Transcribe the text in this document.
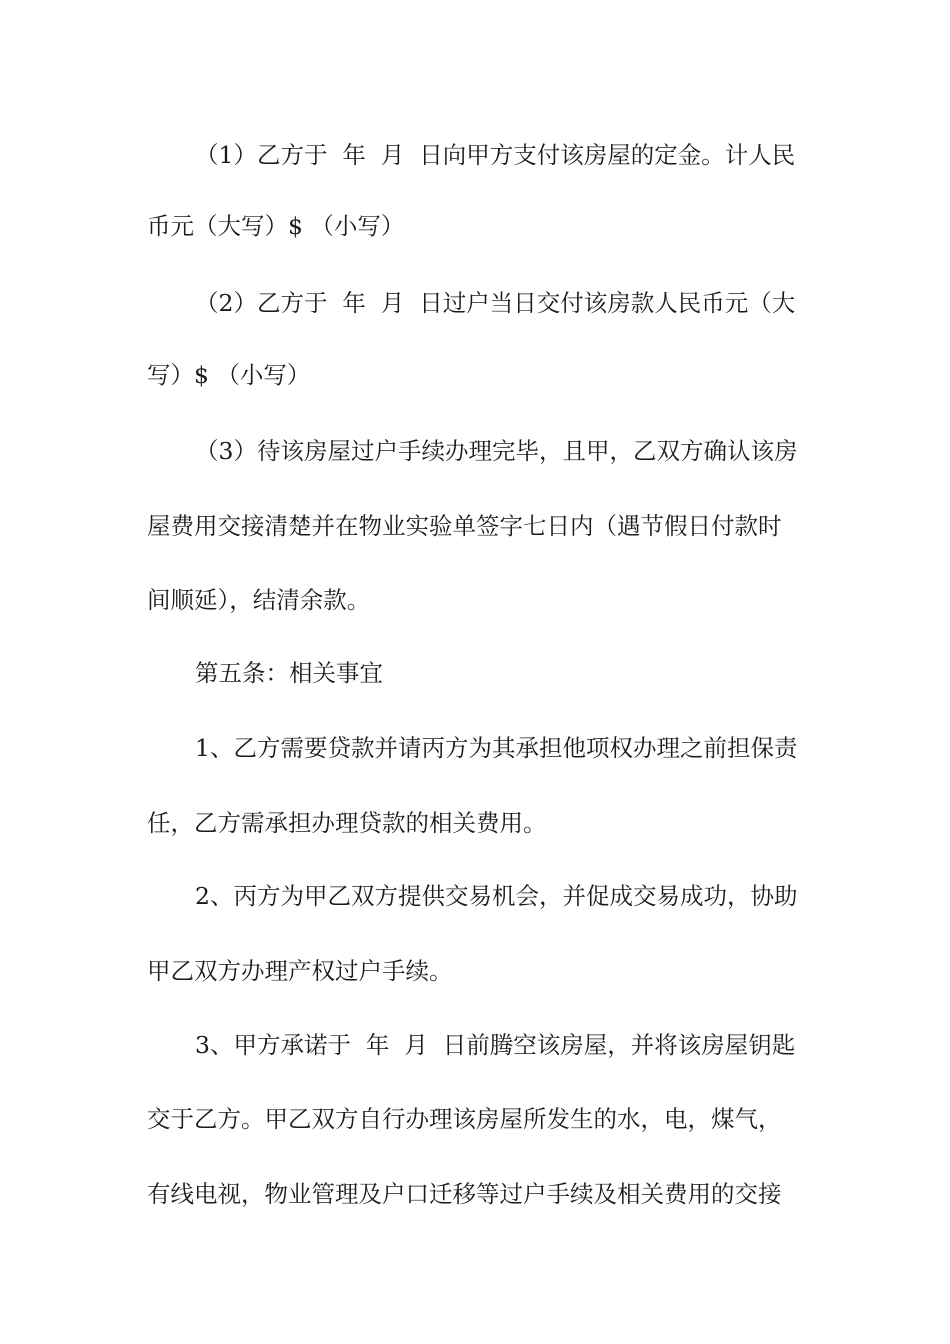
（1）乙方于  年  月  日向甲方支付该房屋的定金。计人民
币元（大写）$ （小写）
（2）乙方于  年  月  日过户当日交付该房款人民币元（大
写）$ （小写）
（3）待该房屋过户手续办理完毕，且甲，乙双方确认该房
屋费用交接清楚并在物业实验单签字七日内（遇节假日付款时
间顺延），结清余款。
第五条：相关事宜
1、乙方需要贷款并请丙方为其承担他项权办理之前担保责
任，乙方需承担办理贷款的相关费用。
2、丙方为甲乙双方提供交易机会，并促成交易成功，协助
甲乙双方办理产权过户手续。
3、甲方承诺于  年  月  日前腾空该房屋，并将该房屋钥匙
交于乙方。甲乙双方自行办理该房屋所发生的水，电，煤气，
有线电视，物业管理及户口迁移等过户手续及相关费用的交接
